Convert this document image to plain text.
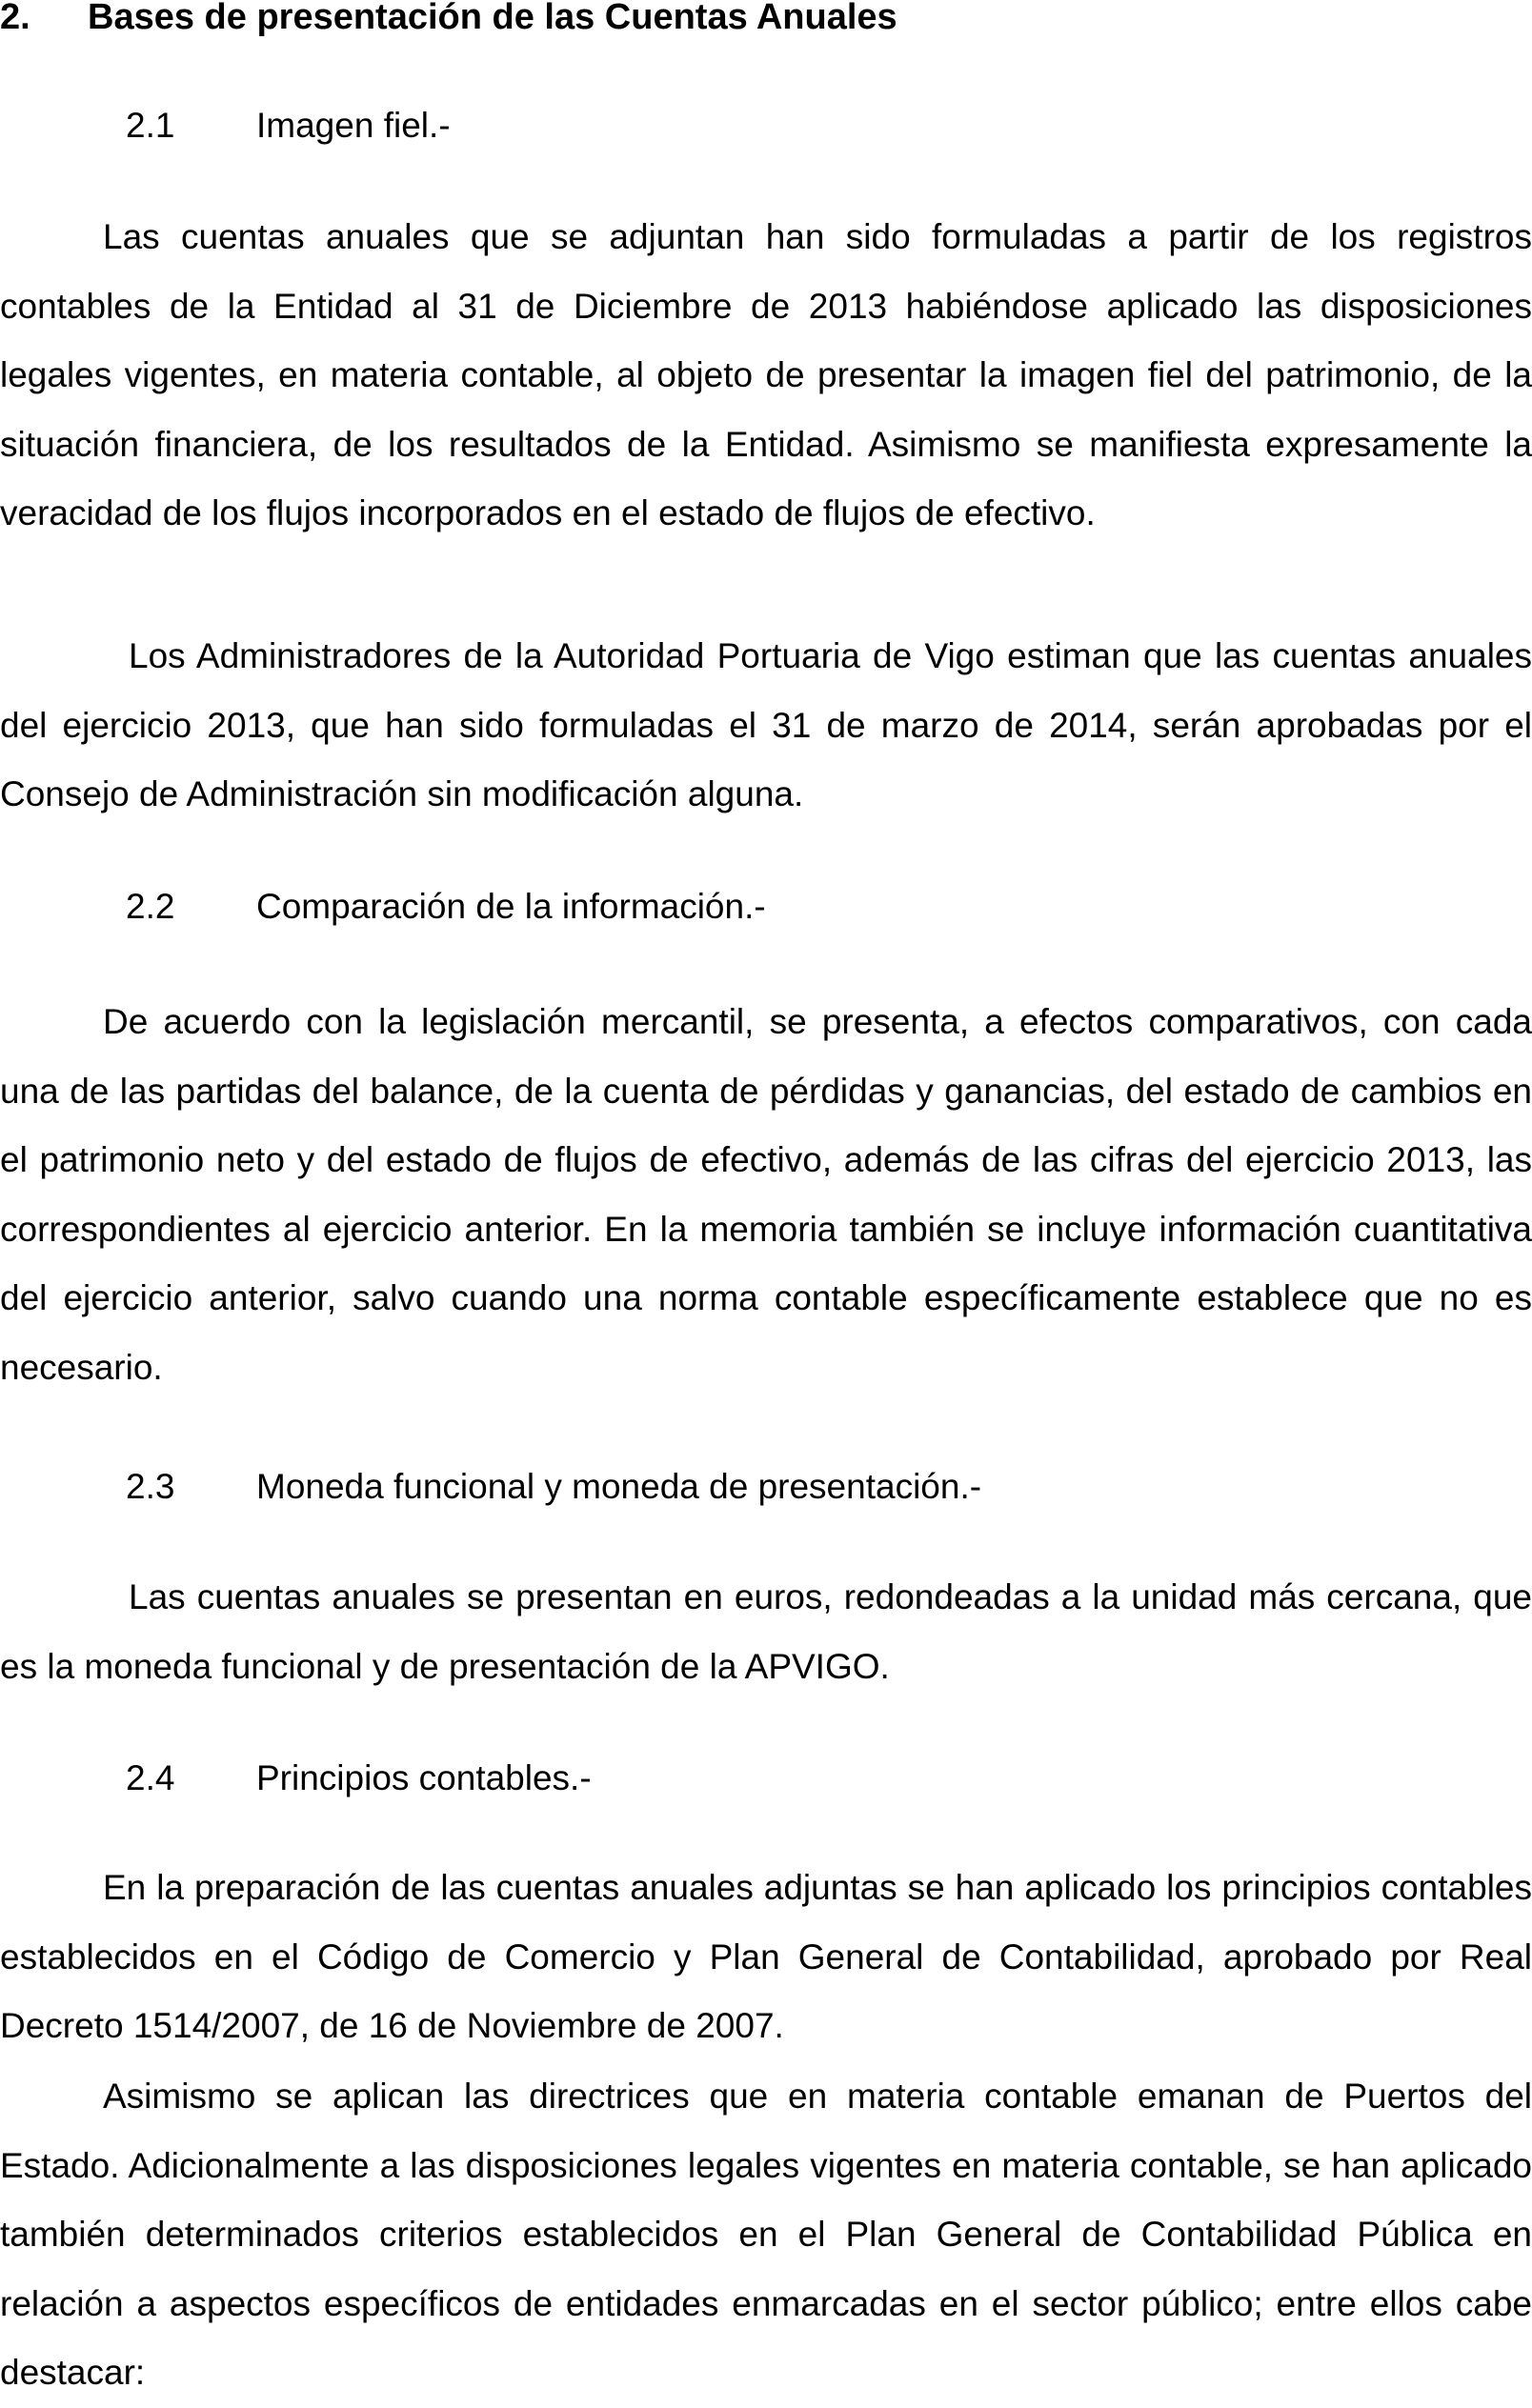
2. Bases de presentación de las Cuentas Anuales
2.1 Imagen fiel.-

Las cuentas anuales que se adjuntan han sido formuladas a partir de los registros contables de la Entidad al 31 de Diciembre de 2013 habiéndose aplicado las disposiciones legales vigentes, en materia contable, al objeto de presentar la imagen fiel del patrimonio, de la situación financiera, de los resultados de la Entidad. Asimismo se manifiesta expresamente la veracidad de los flujos incorporados en el estado de flujos de efectivo.

Los Administradores de la Autoridad Portuaria de Vigo estiman que las cuentas anuales del ejercicio 2013, que han sido formuladas el 31 de marzo de 2014, serán aprobadas por el Consejo de Administración sin modificación alguna.

2.2 Comparación de la información.-

De acuerdo con la legislación mercantil, se presenta, a efectos comparativos, con cada una de las partidas del balance, de la cuenta de pérdidas y ganancias, del estado de cambios en el patrimonio neto y del estado de flujos de efectivo, además de las cifras del ejercicio 2013, las correspondientes al ejercicio anterior. En la memoria también se incluye información cuantitativa del ejercicio anterior, salvo cuando una norma contable específicamente establece que no es necesario.

2.3 Moneda funcional y moneda de presentación.-

Las cuentas anuales se presentan en euros, redondeadas a la unidad más cercana, que es la moneda funcional y de presentación de la APVIGO.

2.4 Principios contables.-

En la preparación de las cuentas anuales adjuntas se han aplicado los principios contables establecidos en el Código de Comercio y Plan General de Contabilidad, aprobado por Real Decreto 1514/2007, de 16 de Noviembre de 2007.

Asimismo se aplican las directrices que en materia contable emanan de Puertos del Estado. Adicionalmente a las disposiciones legales vigentes en materia contable, se han aplicado también determinados criterios establecidos en el Plan General de Contabilidad Pública en relación a aspectos específicos de entidades enmarcadas en el sector público; entre ellos cabe destacar:
